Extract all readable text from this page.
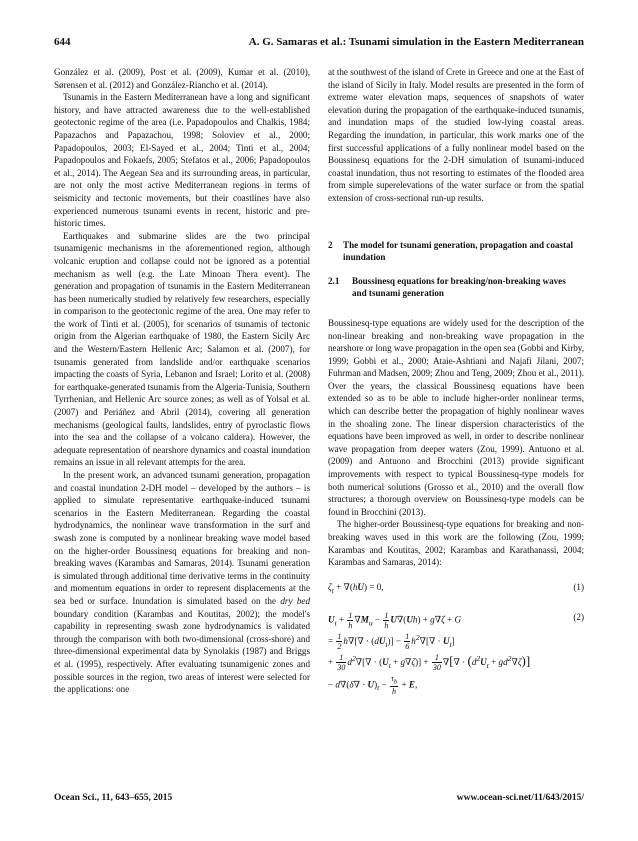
644	A. G. Samaras et al.: Tsunami simulation in the Eastern Mediterranean

González et al. (2009), Post et al. (2009), Kumar et al. (2010), Sørensen et al. (2012) and González-Riancho et al. (2014).

Tsunamis in the Eastern Mediterranean have a long and significant history, and have attracted awareness due to the well-established geotectonic regime of the area (i.e. Papadopoulos and Chalkis, 1984; Papazachos and Papazachou, 1998; Soloviev et al., 2000; Papadopoulos, 2003; El-Sayed et al., 2004; Tinti et al., 2004; Papadopoulos and Fokaefs, 2005; Stefatos et al., 2006; Papadopoulos et al., 2014). The Aegean Sea and its surrounding areas, in particular, are not only the most active Mediterranean regions in terms of seismicity and tectonic movements, but their coastlines have also experienced numerous tsunami events in recent, historic and pre-historic times.

Earthquakes and submarine slides are the two principal tsunamigenic mechanisms in the aforementioned region, although volcanic eruption and collapse could not be ignored as a potential mechanism as well (e.g. the Late Minoan Thera event). The generation and propagation of tsunamis in the Eastern Mediterranean has been numerically studied by relatively few researchers, especially in comparison to the geotectonic regime of the area. One may refer to the work of Tinti et al. (2005), for scenarios of tsunamis of tectonic origin from the Algerian earthquake of 1980, the Eastern Sicily Arc and the Western/Eastern Hellenic Arc; Salamon et al. (2007), for tsunamis generated from landslide and/or earthquake scenarios impacting the coasts of Syria, Lebanon and Israel; Lorito et al. (2008) for earthquake-generated tsunamis from the Algeria-Tunisia, Southern Tyrrhenian, and Hellenic Arc source zones; as well as of Yolsal et al. (2007) and Periáñez and Abril (2014), covering all generation mechanisms (geological faults, landslides, entry of pyroclastic flows into the sea and the collapse of a volcano caldera). However, the adequate representation of nearshore dynamics and coastal inundation remains an issue in all relevant attempts for the area.

In the present work, an advanced tsunami generation, propagation and coastal inundation 2-DH model – developed by the authors – is applied to simulate representative earthquake-induced tsunami scenarios in the Eastern Mediterranean. Regarding the coastal hydrodynamics, the nonlinear wave transformation in the surf and swash zone is computed by a nonlinear breaking wave model based on the higher-order Boussinesq equations for breaking and non-breaking waves (Karambas and Samaras, 2014). Tsunami generation is simulated through additional time derivative terms in the continuity and momentum equations in order to represent displacements at the sea bed or surface. Inundation is simulated based on the dry bed boundary condition (Karambas and Koutitas, 2002); the model's capability in representing swash zone hydrodynamics is validated through the comparison with both two-dimensional (cross-shore) and three-dimensional experimental data by Synolakis (1987) and Briggs et al. (1995), respectively. After evaluating tsunamigenic zones and possible sources in the region, two areas of interest were selected for the applications: one

at the southwest of the island of Crete in Greece and one at the East of the island of Sicily in Italy. Model results are presented in the form of extreme water elevation maps, sequences of snapshots of water elevation during the propagation of the earthquake-induced tsunamis, and inundation maps of the studied low-lying coastal areas. Regarding the inundation, in particular, this work marks one of the first successful applications of a fully nonlinear model based on the Boussinesq equations for the 2-DH simulation of tsunami-induced coastal inundation, thus not resorting to estimates of the flooded area from simple superelevations of the water surface or from the spatial extension of cross-sectional run-up results.

2 The model for tsunami generation, propagation and coastal inundation
2.1 Boussinesq equations for breaking/non-breaking waves and tsunami generation

Boussinesq-type equations are widely used for the description of the non-linear breaking and non-breaking wave propagation in the nearshore or long wave propagation in the open sea (Gobbi and Kirby, 1999; Gobbi et al., 2000; Ataie-Ashtiani and Najafi Jilani, 2007; Fuhrman and Madsen, 2009; Zhou and Teng, 2009; Zhou et al., 2011). Over the years, the classical Boussinesq equations have been extended so as to be able to include higher-order nonlinear terms, which can describe better the propagation of highly nonlinear waves in the shoaling zone. The linear dispersion characteristics of the equations have been improved as well, in order to describe nonlinear wave propagation from deeper waters (Zou, 1999). Antuono et al. (2009) and Antuono and Brocchini (2013) provide significant improvements with respect to typical Boussinesq-type models for both numerical solutions (Grosso et al., 2010) and the overall flow structures; a thorough overview on Boussinesq-type models can be found in Brocchini (2013).

The higher-order Boussinesq-type equations for breaking and non-breaking waves used in this work are the following (Zou, 1999; Karambas and Koutitas, 2002; Karambas and Karathanassi, 2004; Karambas and Samaras, 2014):

$\zeta_t + \nabla(hU) = 0$,	(1)
(2)
$U_t + \frac{1}{h} \nabla M_u - \frac{1}{h} U\nabla(Uh) + g\nabla\zeta + G$
= $\frac{1}{2} h\nabla[\nabla \cdot (dU_t)] - \frac{1}{6} h^2\nabla[\nabla \cdot U_t]$
+ $\frac{1}{30} d^2\nabla[\nabla \cdot (U_t + g\nabla\zeta)] + \frac{1}{30}$ ∇[∇ · $(d^2U_t + gd^2\nabla\zeta)$]
− $d\nabla(\delta\nabla \cdot U)_t - \frac{\tau_b}{h} + E$,
Ocean Sci., 11, 643–655, 2015	www.ocean-sci.net/11/643/2015/
